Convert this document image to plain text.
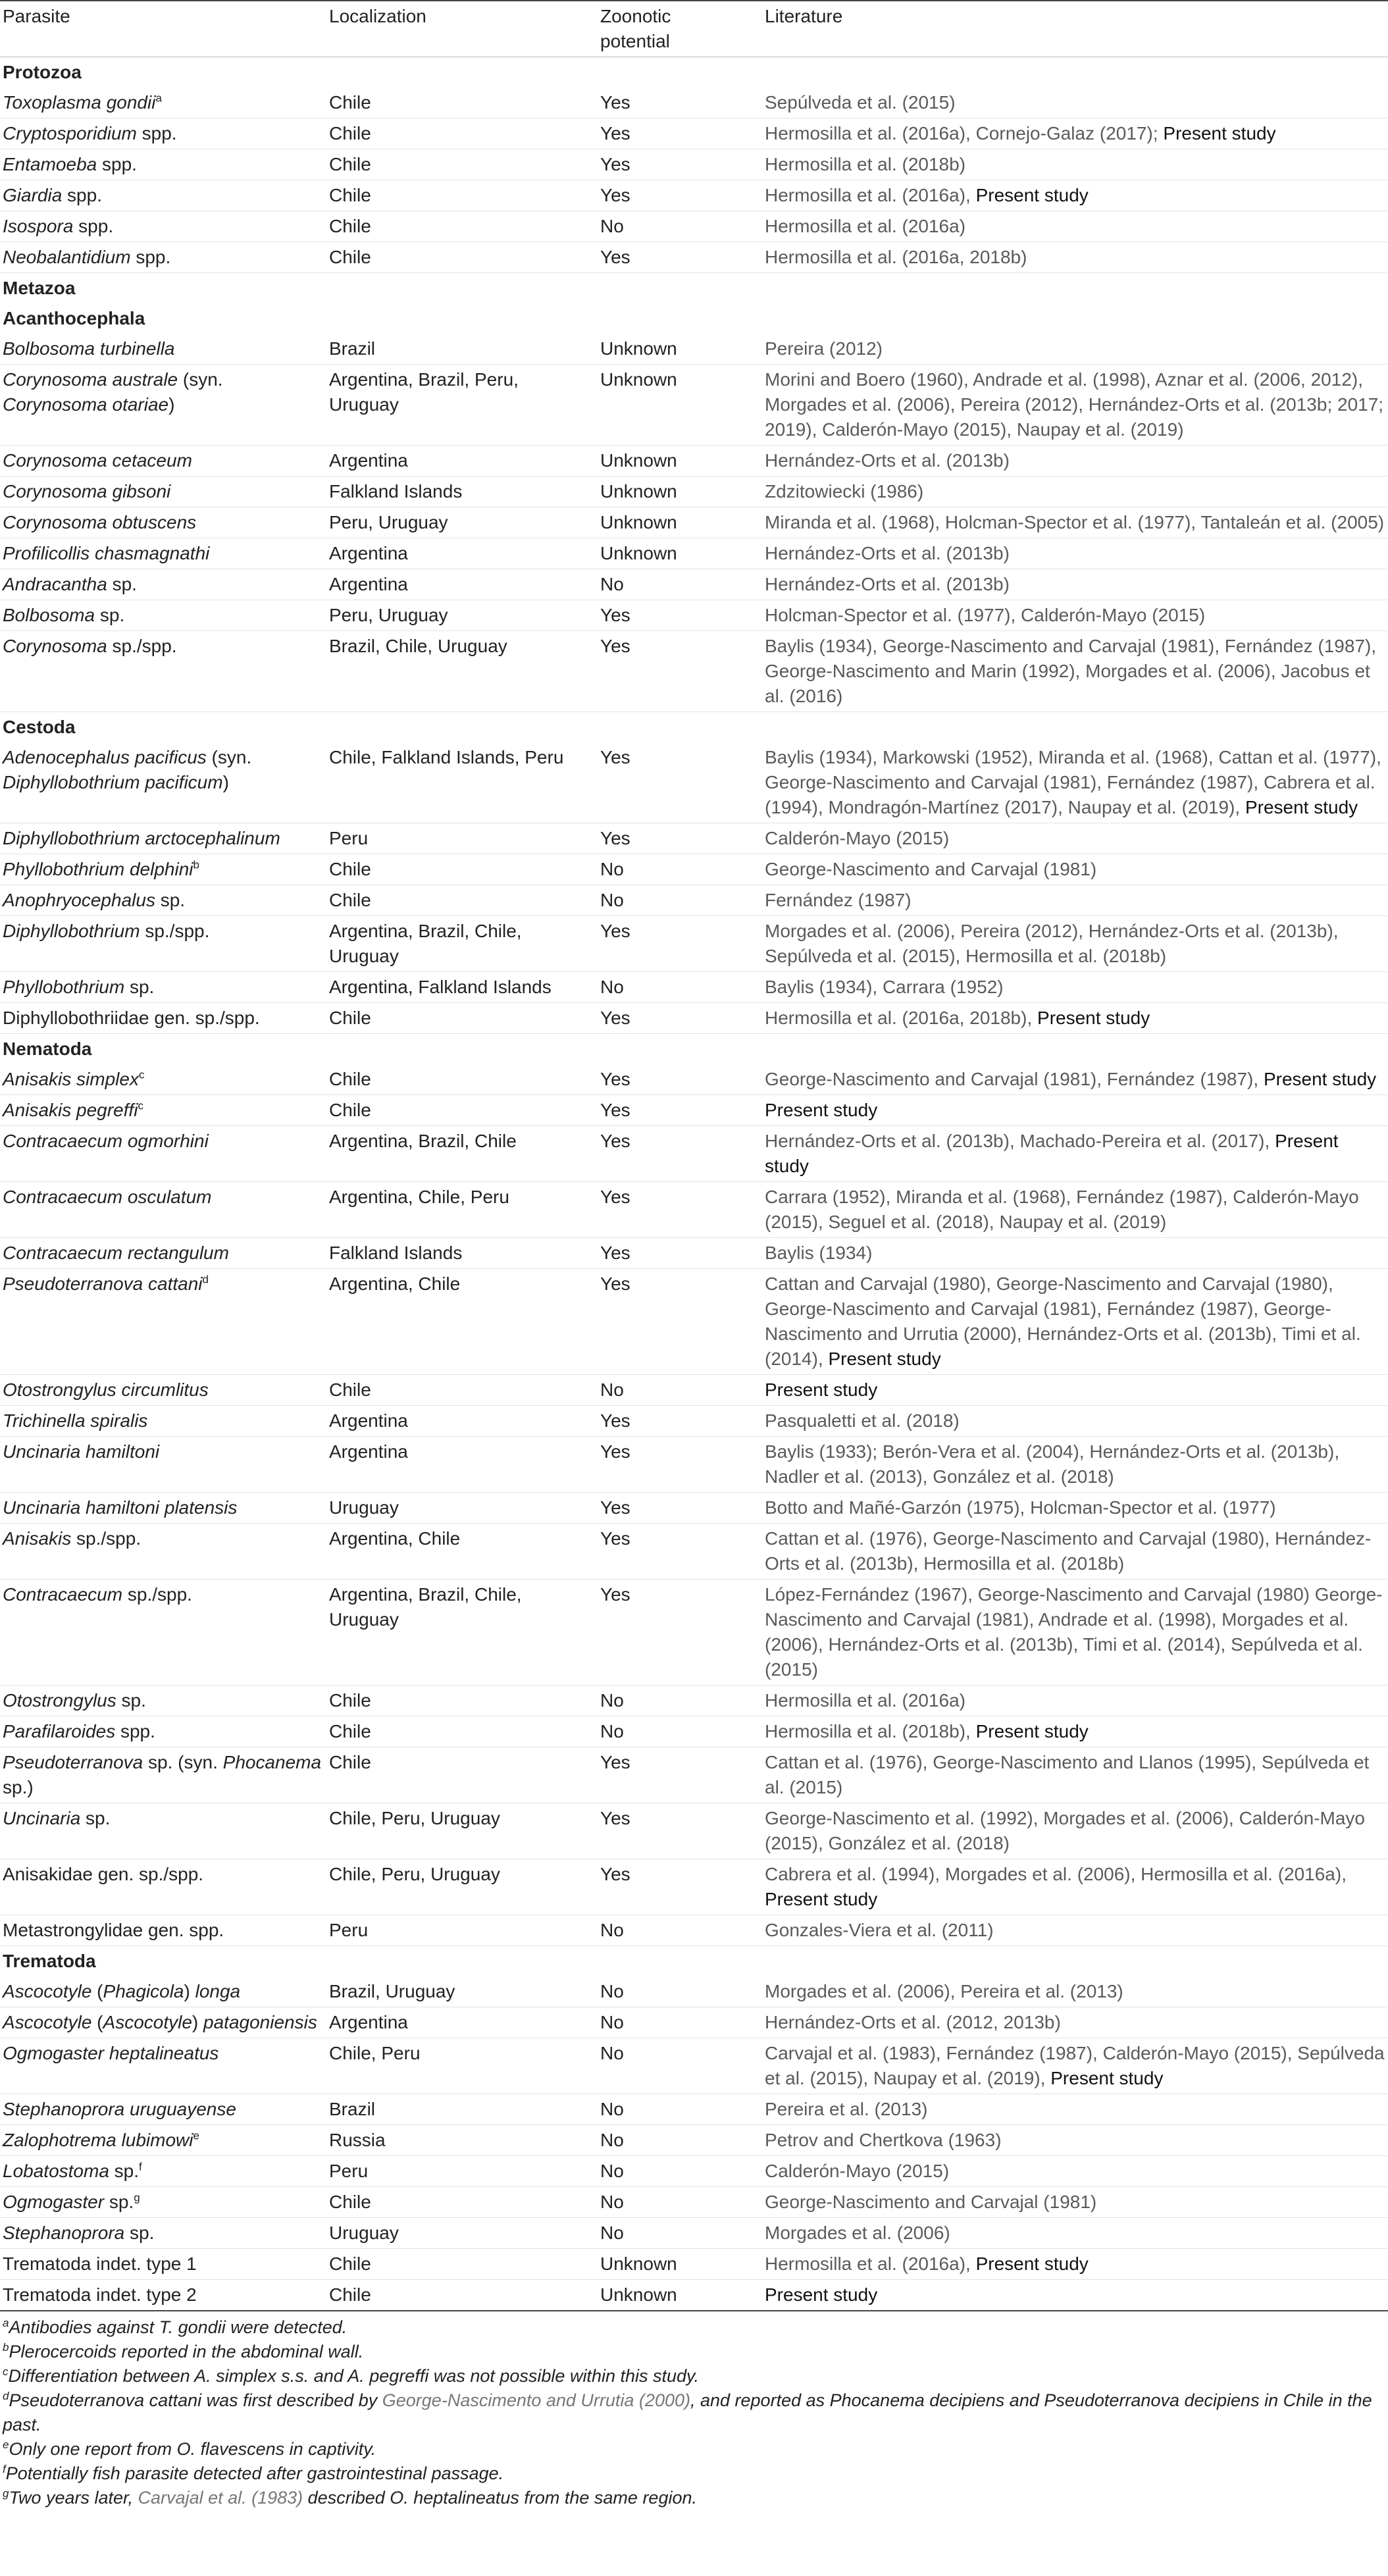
Parasite	Localization	Zoonotic potential	Literature
Protozoa			
Toxoplasma gondii$^a$	Chile	Yes	Sepúlveda et al. (2015)
Cryptosporidium spp.	Chile	Yes	Hermosilla et al. (2016a), Cornejo-Galaz (2017); Present study
Entamoeba spp.	Chile	Yes	Hermosilla et al. (2018b)
Giardia spp.	Chile	Yes	Hermosilla et al. (2016a), Present study
Isospora spp.	Chile	No	Hermosilla et al. (2016a)
Neobalantidium spp.	Chile	Yes	Hermosilla et al. (2016a, 2018b)
Metazoa			
Acanthocephala			
Bolbosoma turbinella	Brazil	Unknown	Pereira (2012)
Corynosoma australe (syn. Corynosoma otariae)	Argentina, Brazil, Peru, Uruguay	Unknown	Morini and Boero (1960), Andrade et al. (1998), Aznar et al. (2006, 2012), Morgades et al. (2006), Pereira (2012), Hernández-Orts et al. (2013b; 2017; 2019), Calderón-Mayo (2015), Naupay et al. (2019)
Corynosoma cetaceum	Argentina	Unknown	Hernández-Orts et al. (2013b)
Corynosoma gibsoni	Falkland Islands	Unknown	Zdzitowiecki (1986)
Corynosoma obtuscens	Peru, Uruguay	Unknown	Miranda et al. (1968), Holcman-Spector et al. (1977), Tantaleán et al. (2005)
Profilicollis chasmagnathi	Argentina	Unknown	Hernández-Orts et al. (2013b)
Andracantha sp.	Argentina	No	Hernández-Orts et al. (2013b)
Bolbosoma sp.	Peru, Uruguay	Yes	Holcman-Spector et al. (1977), Calderón-Mayo (2015)
Corynosoma sp./spp.	Brazil, Chile, Uruguay	Yes	Baylis (1934), George-Nascimento and Carvajal (1981), Fernández (1987), George-Nascimento and Marin (1992), Morgades et al. (2006), Jacobus et al. (2016)
Cestoda			
Adenocephalus pacificus (syn. Diphyllobothrium pacificum)	Chile, Falkland Islands, Peru	Yes	Baylis (1934), Markowski (1952), Miranda et al. (1968), Cattan et al. (1977), George-Nascimento and Carvajal (1981), Fernández (1987), Cabrera et al. (1994), Mondragón-Martínez (2017), Naupay et al. (2019), Present study
Diphyllobothrium arctocephalinum	Peru	Yes	Calderón-Mayo (2015)
Phyllobothrium delphini$^b$	Chile	No	George-Nascimento and Carvajal (1981)
Anophryocephalus sp.	Chile	No	Fernández (1987)
Diphyllobothrium sp./spp.	Argentina, Brazil, Chile, Uruguay	Yes	Morgades et al. (2006), Pereira (2012), Hernández-Orts et al. (2013b), Sepúlveda et al. (2015), Hermosilla et al. (2018b)
Phyllobothrium sp.	Argentina, Falkland Islands	No	Baylis (1934), Carrara (1952)
Diphyllobothriidae gen. sp./spp.	Chile	Yes	Hermosilla et al. (2016a, 2018b), Present study
Nematoda			
Anisakis simplex$^c$	Chile	Yes	George-Nascimento and Carvajal (1981), Fernández (1987), Present study
Anisakis pegreffi$^c$	Chile	Yes	Present study
Contracaecum ogmorhini	Argentina, Brazil, Chile	Yes	Hernández-Orts et al. (2013b), Machado-Pereira et al. (2017), Present study
Contracaecum osculatum	Argentina, Chile, Peru	Yes	Carrara (1952), Miranda et al. (1968), Fernández (1987), Calderón-Mayo (2015), Seguel et al. (2018), Naupay et al. (2019)
Contracaecum rectangulum	Falkland Islands	Yes	Baylis (1934)
Pseudoterranova cattani$^d$	Argentina, Chile	Yes	Cattan and Carvajal (1980), George-Nascimento and Carvajal (1980), George-Nascimento and Carvajal (1981), Fernández (1987), George-Nascimento and Urrutia (2000), Hernández-Orts et al. (2013b), Timi et al. (2014), Present study
Otostrongylus circumlitus	Chile	No	Present study
Trichinella spiralis	Argentina	Yes	Pasqualetti et al. (2018)
Uncinaria hamiltoni	Argentina	Yes	Baylis (1933); Berón-Vera et al. (2004), Hernández-Orts et al. (2013b), Nadler et al. (2013), González et al. (2018)
Uncinaria hamiltoni platensis	Uruguay	Yes	Botto and Mañé-Garzón (1975), Holcman-Spector et al. (1977)
Anisakis sp./spp.	Argentina, Chile	Yes	Cattan et al. (1976), George-Nascimento and Carvajal (1980), Hernández-Orts et al. (2013b), Hermosilla et al. (2018b)
Contracaecum sp./spp.	Argentina, Brazil, Chile, Uruguay	Yes	López-Fernández (1967), George-Nascimento and Carvajal (1980) George-Nascimento and Carvajal (1981), Andrade et al. (1998), Morgades et al. (2006), Hernández-Orts et al. (2013b), Timi et al. (2014), Sepúlveda et al. (2015)
Otostrongylus sp.	Chile	No	Hermosilla et al. (2016a)
Parafilaroides spp.	Chile	No	Hermosilla et al. (2018b), Present study
Pseudoterranova sp. (syn. Phocanema sp.)	Chile	Yes	Cattan et al. (1976), George-Nascimento and Llanos (1995), Sepúlveda et al. (2015)
Uncinaria sp.	Chile, Peru, Uruguay	Yes	George-Nascimento et al. (1992), Morgades et al. (2006), Calderón-Mayo (2015), González et al. (2018)
Anisakidae gen. sp./spp.	Chile, Peru, Uruguay	Yes	Cabrera et al. (1994), Morgades et al. (2006), Hermosilla et al. (2016a), Present study
Metastrongylidae gen. spp.	Peru	No	Gonzales-Viera et al. (2011)
Trematoda			
Ascocotyle (Phagicola) longa	Brazil, Uruguay	No	Morgades et al. (2006), Pereira et al. (2013)
Ascocotyle (Ascocotyle) patagoniensis	Argentina	No	Hernández-Orts et al. (2012, 2013b)
Ogmogaster heptalineatus	Chile, Peru	No	Carvajal et al. (1983), Fernández (1987), Calderón-Mayo (2015), Sepúlveda et al. (2015), Naupay et al. (2019), Present study
Stephanoprora uruguayense	Brazil	No	Pereira et al. (2013)
Zalophotrema lubimowi$^e$	Russia	No	Petrov and Chertkova (1963)
Lobatostoma sp.$^f$	Peru	No	Calderón-Mayo (2015)
Ogmogaster sp.$^g$	Chile	No	George-Nascimento and Carvajal (1981)
Stephanoprora sp.	Uruguay	No	Morgades et al. (2006)
Trematoda indet. type 1	Chile	Unknown	Hermosilla et al. (2016a), Present study
Trematoda indet. type 2	Chile	Unknown	Present study
$^a$Antibodies against T. gondii were detected.
$^b$Plerocercoids reported in the abdominal wall.
$^c$Differentiation between A. simplex s.s. and A. pegreffi was not possible within this study.
$^d$Pseudoterranova cattani was first described by George-Nascimento and Urrutia (2000), and reported as Phocanema decipiens and Pseudoterranova decipiens in Chile in the past.
$^e$Only one report from O. flavescens in captivity.
$^f$Potentially fish parasite detected after gastrointestinal passage.
$^g$Two years later, Carvajal et al. (1983) described O. heptalineatus from the same region.
